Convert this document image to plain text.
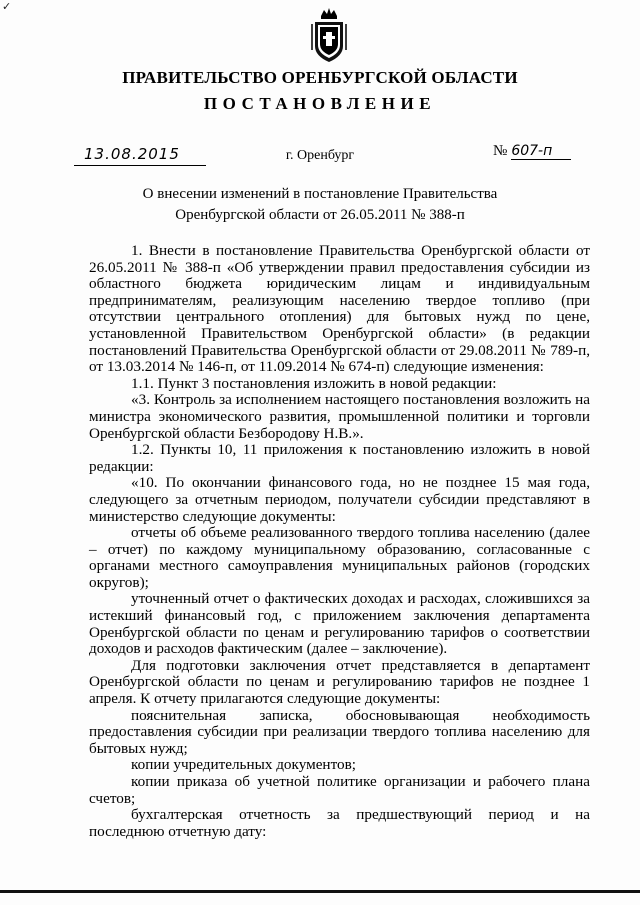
✓
ПРАВИТЕЛЬСТВО ОРЕНБУРГСКОЙ ОБЛАСТИ
ПОСТАНОВЛЕНИЕ
13.08.2015	г. Оренбург	№ 607-п
О внесении изменений в постановление Правительства
Оренбургской области от 26.05.2011 № 388-п

1. Внести в постановление Правительства Оренбургской области от 26.05.2011 № 388-п «Об утверждении правил предоставления субсидии из областного бюджета юридическим лицам и индивидуальным предпринимателям, реализующим населению твердое топливо (при отсутствии центрального отопления) для бытовых нужд по цене, установленной Правительством Оренбургской области» (в редакции постановлений Правительства Оренбургской области от 29.08.2011 № 789-п, от 13.03.2014 № 146-п, от 11.09.2014 № 674-п) следующие изменения:

1.1. Пункт 3 постановления изложить в новой редакции:

«3. Контроль за исполнением настоящего постановления возложить на министра экономического развития, промышленной политики и торговли Оренбургской области Безбородову Н.В.».

1.2. Пункты 10, 11 приложения к постановлению изложить в новой редакции:

«10. По окончании финансового года, но не позднее 15 мая года, следующего за отчетным периодом, получатели субсидии представляют в министерство следующие документы:

отчеты об объеме реализованного твердого топлива населению (далее – отчет) по каждому муниципальному образованию, согласованные с органами местного самоуправления муниципальных районов (городских округов);

уточненный отчет о фактических доходах и расходах, сложившихся за истекший финансовый год, с приложением заключения департамента Оренбургской области по ценам и регулированию тарифов о соответствии доходов и расходов фактическим (далее – заключение).

Для подготовки заключения отчет представляется в департамент Оренбургской области по ценам и регулированию тарифов не позднее 1 апреля. К отчету прилагаются следующие документы:

пояснительная записка, обосновывающая необходимость предоставления субсидии при реализации твердого топлива населению для бытовых нужд;

копии учредительных документов;

копии приказа об учетной политике организации и рабочего плана счетов;

бухгалтерская отчетность за предшествующий период и на последнюю отчетную дату:
